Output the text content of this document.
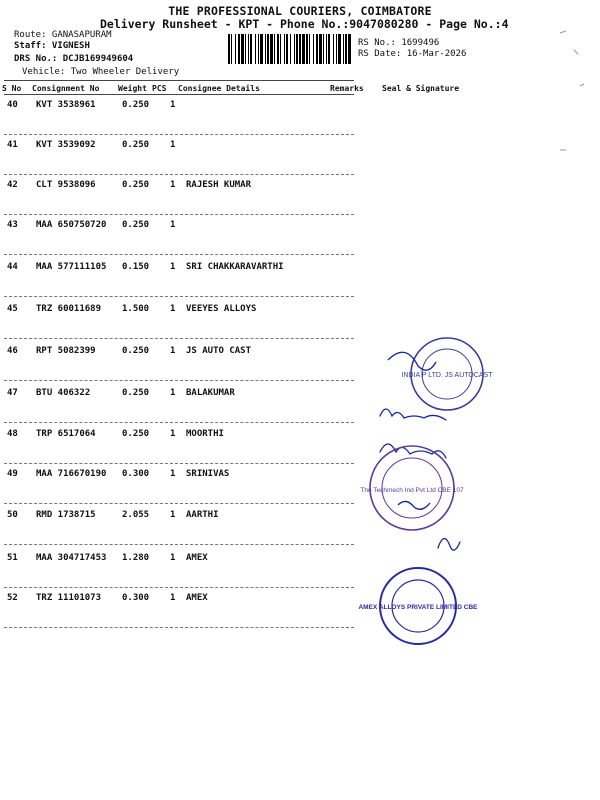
THE PROFESSIONAL COURIERS, COIMBATORE
Delivery Runsheet - KPT - Phone No.:9047080280 - Page No.:4
Route: GANASAPURAM
Staff: VIGNESH
DRS No.: DCJB169949604
Vehicle: Two Wheeler Delivery
RS No.: 1699496
RS Date: 16-Mar-2026
S No Consignment No Weight PCS Consignee Details	Remarks Seal & Signature
40 KVT 3538961	0.250 1
41 KVT 3539092	0.250 1
42 CLT 9538096	0.250 1 RAJESH KUMAR
43 MAA 650750720 0.250 1
44 MAA 577111105 0.150 1 SRI CHAKKARAVARTHI
45 TRZ 60011689 1.500 1 VEEYES ALLOYS
46 RPT 5082399	0.250 1 JS AUTO CAST
47 BTU 406322	0.250 1 BALAKUMAR
48 TRP 6517064	0.250 1 MOORTHI
49 MAA 716670190 0.300 1 SRINIVAS
50 RMD 1738715	2.055 1 AARTHI
51 MAA 304717453 1.280 1 AMEX
52 TRZ 11101073 0.300 1 AMEX
niramal.	CN RTN
Rajen	CN RTN
H/R
H/R
H/R
KALANN
SUBRAMANI
R.Jinder	6381949691
90322341
90322345
9424324321
INDIA P LTD. JS AUTOCAST
The Techmech Ind Pvt Ltd CBE 107
AMEX ALLOYS PRIVATE LIMITED CBE
